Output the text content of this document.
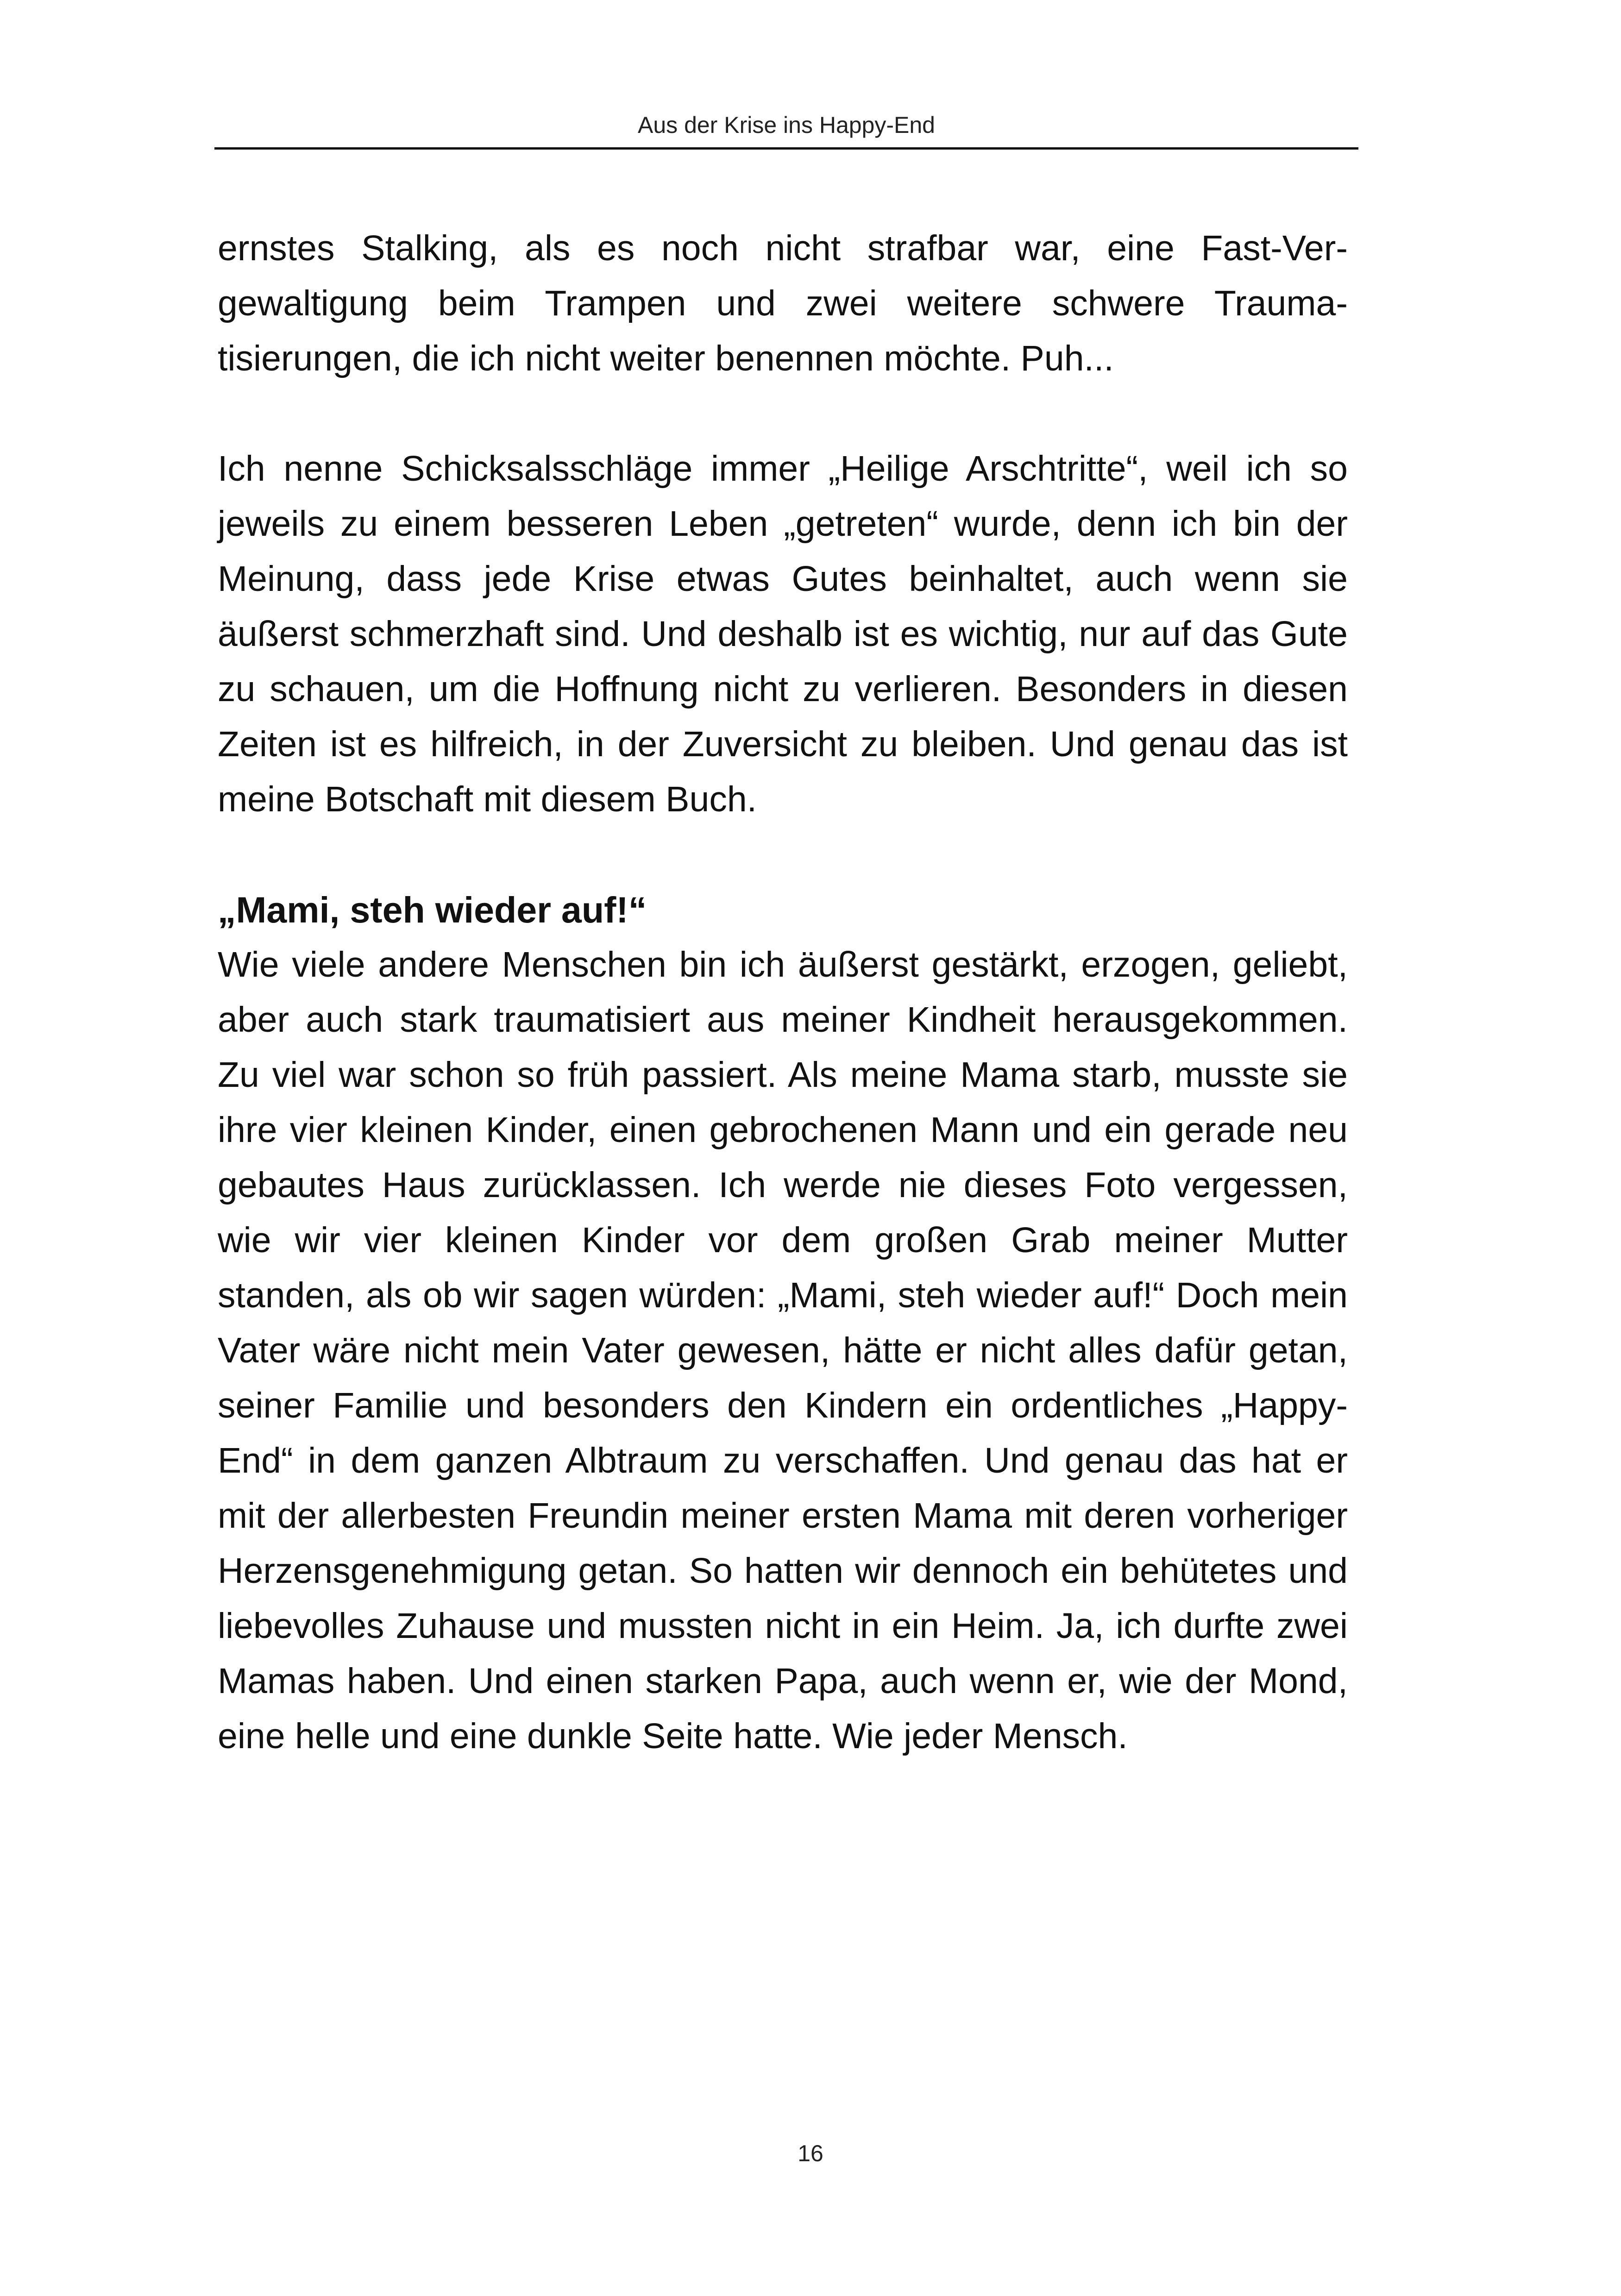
Aus der Krise ins Happy-End

ernstes Stalking, als es noch nicht strafbar war, eine Fast-Vergewaltigung beim Trampen und zwei weitere schwere Traumatisierungen, die ich nicht weiter benennen möchte. Puh...

Ich nenne Schicksalsschläge immer „Heilige Arschtritte“, weil ich so jeweils zu einem besseren Leben „getreten“ wurde, denn ich bin der Meinung, dass jede Krise etwas Gutes beinhaltet, auch wenn sie äußerst schmerzhaft sind. Und deshalb ist es wichtig, nur auf das Gute zu schauen, um die Hoffnung nicht zu verlieren. Besonders in diesen Zeiten ist es hilfreich, in der Zuversicht zu bleiben. Und genau das ist meine Botschaft mit diesem Buch.

„Mami, steh wieder auf!“

Wie viele andere Menschen bin ich äußerst gestärkt, erzogen, geliebt, aber auch stark traumatisiert aus meiner Kindheit herausgekommen. Zu viel war schon so früh passiert. Als meine Mama starb, musste sie ihre vier kleinen Kinder, einen gebrochenen Mann und ein gerade neu gebautes Haus zurücklassen. Ich werde nie dieses Foto vergessen, wie wir vier kleinen Kinder vor dem großen Grab meiner Mutter standen, als ob wir sagen würden: „Mami, steh wieder auf!“ Doch mein Vater wäre nicht mein Vater gewesen, hätte er nicht alles dafür getan, seiner Familie und besonders den Kindern ein ordentliches „Happy-End“ in dem ganzen Albtraum zu verschaffen. Und genau das hat er mit der allerbesten Freundin meiner ersten Mama mit deren vorheriger Herzensgenehmigung getan. So hatten wir dennoch ein behütetes und liebevolles Zuhause und mussten nicht in ein Heim. Ja, ich durfte zwei Mamas haben. Und einen starken Papa, auch wenn er, wie der Mond, eine helle und eine dunkle Seite hatte. Wie jeder Mensch.

16
